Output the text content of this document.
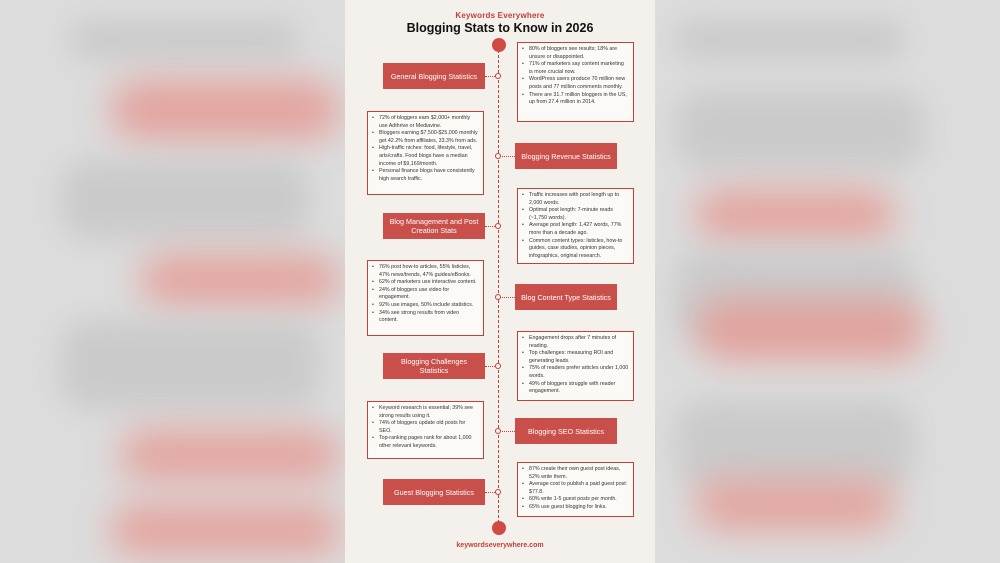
Keywords Everywhere
Blogging Stats to Know in 2026
General Blogging Statistics
• 80% of bloggers see results; 18% are unsure or disappointed.
• 71% of marketers say content marketing is more crucial now.
• WordPress users produce 70 million new posts and 77 million comments monthly.
• There are 31.7 million bloggers in the US, up from 27.4 million in 2014.
• 72% of bloggers earn $2,000+ monthly use Adthrive or Mediavine.
• Bloggers earning $7,500-$25,000 monthly get 42.2% from affiliates, 33.3% from ads.
• High-traffic niches: food, lifestyle, travel, arts/crafts. Food blogs have a median income of $9,169/month.
• Personal finance blogs have consistently high search traffic.
Blogging Revenue Statistics
Blog Management and Post Creation Stats
• Traffic increases with post length up to 2,000 words.
• Optimal post length: 7-minute reads (~1,750 words).
• Average post length: 1,427 words, 77% more than a decade ago.
• Common content types: listicles, how-to guides, case studies, opinion pieces, infographics, original research.
• 76% post how-to articles, 55% listicles, 47% news/trends, 47% guides/eBooks.
• 62% of marketers use interactive content.
• 24% of bloggers use video for engagement.
• 92% use images, 50% include statistics.
• 34% see strong results from video content.
Blog Content Type Statistics
Blogging Challenges Statistics
• Engagement drops after 7 minutes of reading.
• Top challenges: measuring ROI and generating leads.
• 75% of readers prefer articles under 1,000 words.
• 49% of bloggers struggle with reader engagement.
• Keyword research is essential; 39% see strong results using it.
• 74% of bloggers update old posts for SEO.
• Top-ranking pages rank for about 1,000 other relevant keywords.
Blogging SEO Statistics
Guest Blogging Statistics
• 87% create their own guest post ideas, 52% write them.
• Average cost to publish a paid guest post: $77.8.
• 60% write 1-5 guest posts per month.
• 65% use guest blogging for links.
keywordseverywhere.com
